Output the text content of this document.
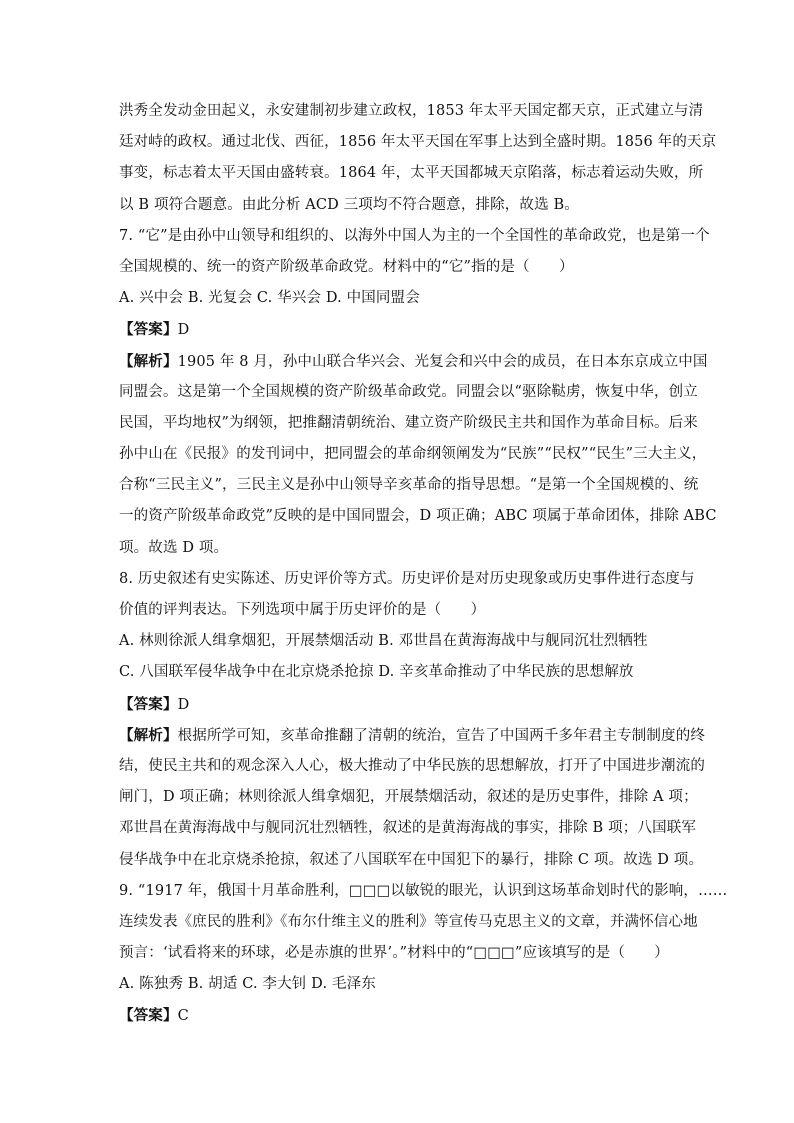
洪秀全发动金田起义，永安建制初步建立政权，1853 年太平天国定都天京，正式建立与清
廷对峙的政权。通过北伐、西征，1856 年太平天国在军事上达到全盛时期。1856 年的天京
事变，标志着太平天国由盛转衰。1864 年，太平天国都城天京陷落，标志着运动失败，所
以 B 项符合题意。由此分析 ACD 三项均不符合题意，排除，故选 B。
7. “它”是由孙中山领导和组织的、以海外中国人为主的一个全国性的革命政党，也是第一个
全国规模的、统一的资产阶级革命政党。材料中的“它”指的是（　　）
A. 兴中会 B. 光复会 C. 华兴会 D. 中国同盟会
【答案】D
【解析】1905 年 8 月，孙中山联合华兴会、光复会和兴中会的成员，在日本东京成立中国
同盟会。这是第一个全国规模的资产阶级革命政党。同盟会以“驱除鞑虏，恢复中华，创立
民国，平均地权”为纲领，把推翻清朝统治、建立资产阶级民主共和国作为革命目标。后来
孙中山在《民报》的发刊词中，把同盟会的革命纲领阐发为“民族”“民权”“民生”三大主义，
合称“三民主义”，三民主义是孙中山领导辛亥革命的指导思想。“是第一个全国规模的、统
一的资产阶级革命政党”反映的是中国同盟会，D 项正确；ABC 项属于革命团体，排除 ABC
项。故选 D 项。
8. 历史叙述有史实陈述、历史评价等方式。历史评价是对历史现象或历史事件进行态度与
价值的评判表达。下列选项中属于历史评价的是（　　）
A. 林则徐派人缉拿烟犯，开展禁烟活动 B. 邓世昌在黄海海战中与舰同沉壮烈牺牲
C. 八国联军侵华战争中在北京烧杀抢掠 D. 辛亥革命推动了中华民族的思想解放
【答案】D
【解析】根据所学可知，亥革命推翻了清朝的统治，宣告了中国两千多年君主专制制度的终
结，使民主共和的观念深入人心，极大推动了中华民族的思想解放，打开了中国进步潮流的
闸门，D 项正确；林则徐派人缉拿烟犯，开展禁烟活动，叙述的是历史事件，排除 A 项；
邓世昌在黄海海战中与舰同沉壮烈牺牲，叙述的是黄海海战的事实，排除 B 项；八国联军
侵华战争中在北京烧杀抢掠，叙述了八国联军在中国犯下的暴行，排除 C 项。故选 D 项。
9. “1917 年，俄国十月革命胜利，□□□以敏锐的眼光，认识到这场革命划时代的影响，……
连续发表《庶民的胜利》《布尔什维主义的胜利》等宣传马克思主义的文章，并满怀信心地
预言：‘试看将来的环球，必是赤旗的世界’。”材料中的“□□□”应该填写的是（　　）
A. 陈独秀 B. 胡适 C. 李大钊 D. 毛泽东
【答案】C
